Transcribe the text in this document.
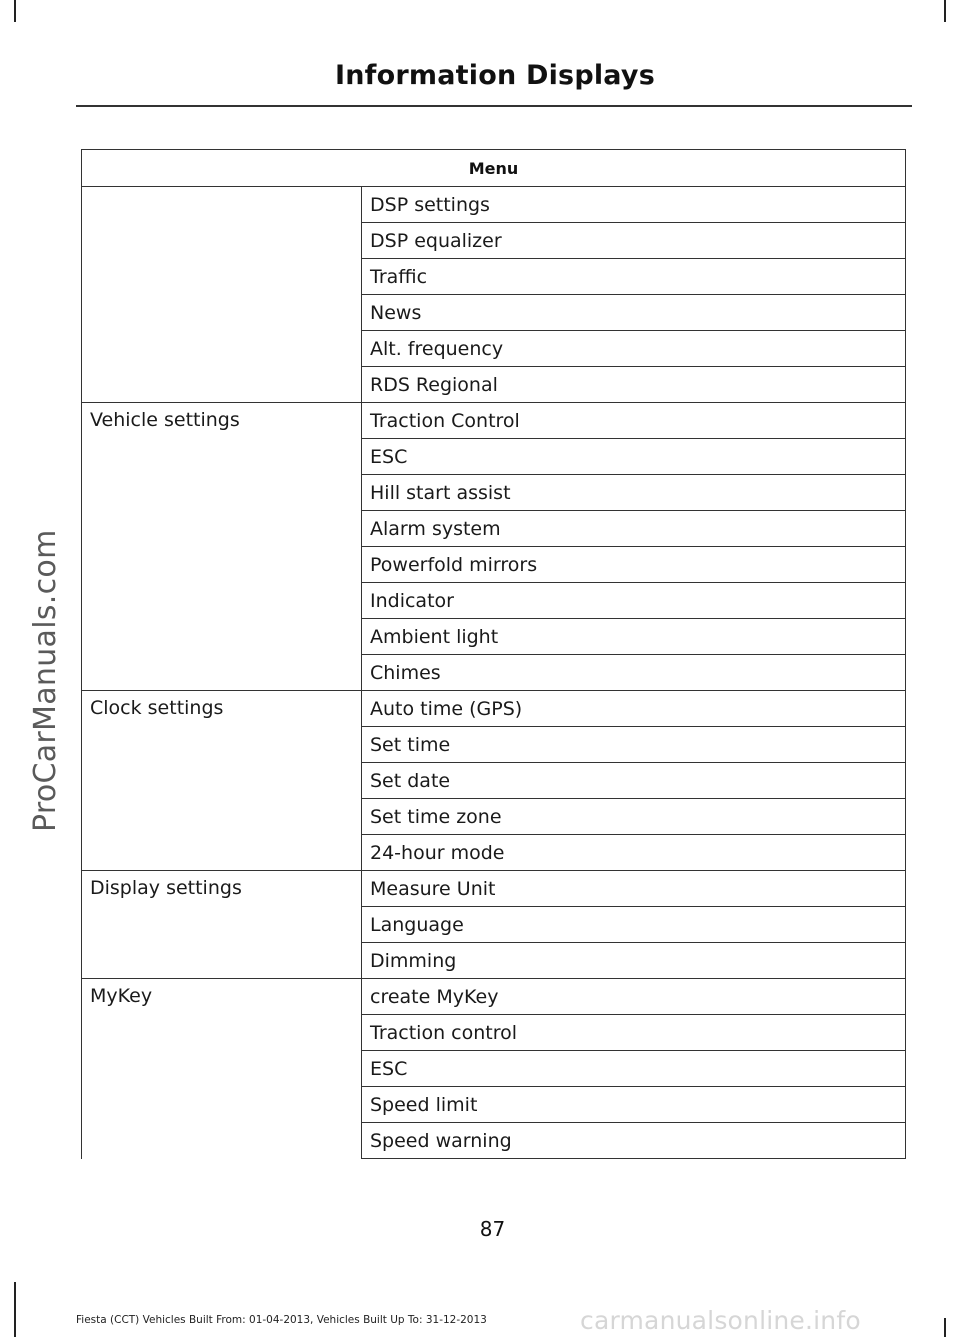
Information Displays
ProCarManuals.com
Menu	
	DSP settings
	DSP equalizer
	Traffic
	News
	Alt. frequency
	RDS Regional
Vehicle settings	Traction Control
	ESC
	Hill start assist
	Alarm system
	Powerfold mirrors
	Indicator
	Ambient light
	Chimes
Clock settings	Auto time (GPS)
	Set time
	Set date
	Set time zone
	24-hour mode
Display settings	Measure Unit
	Language
	Dimming
MyKey	create MyKey
	Traction control
	ESC
	Speed limit
	Speed warning
87
Fiesta (CCT) Vehicles Built From: 01-04-2013, Vehicles Built Up To: 31-12-2013	carmanualsonline.info
